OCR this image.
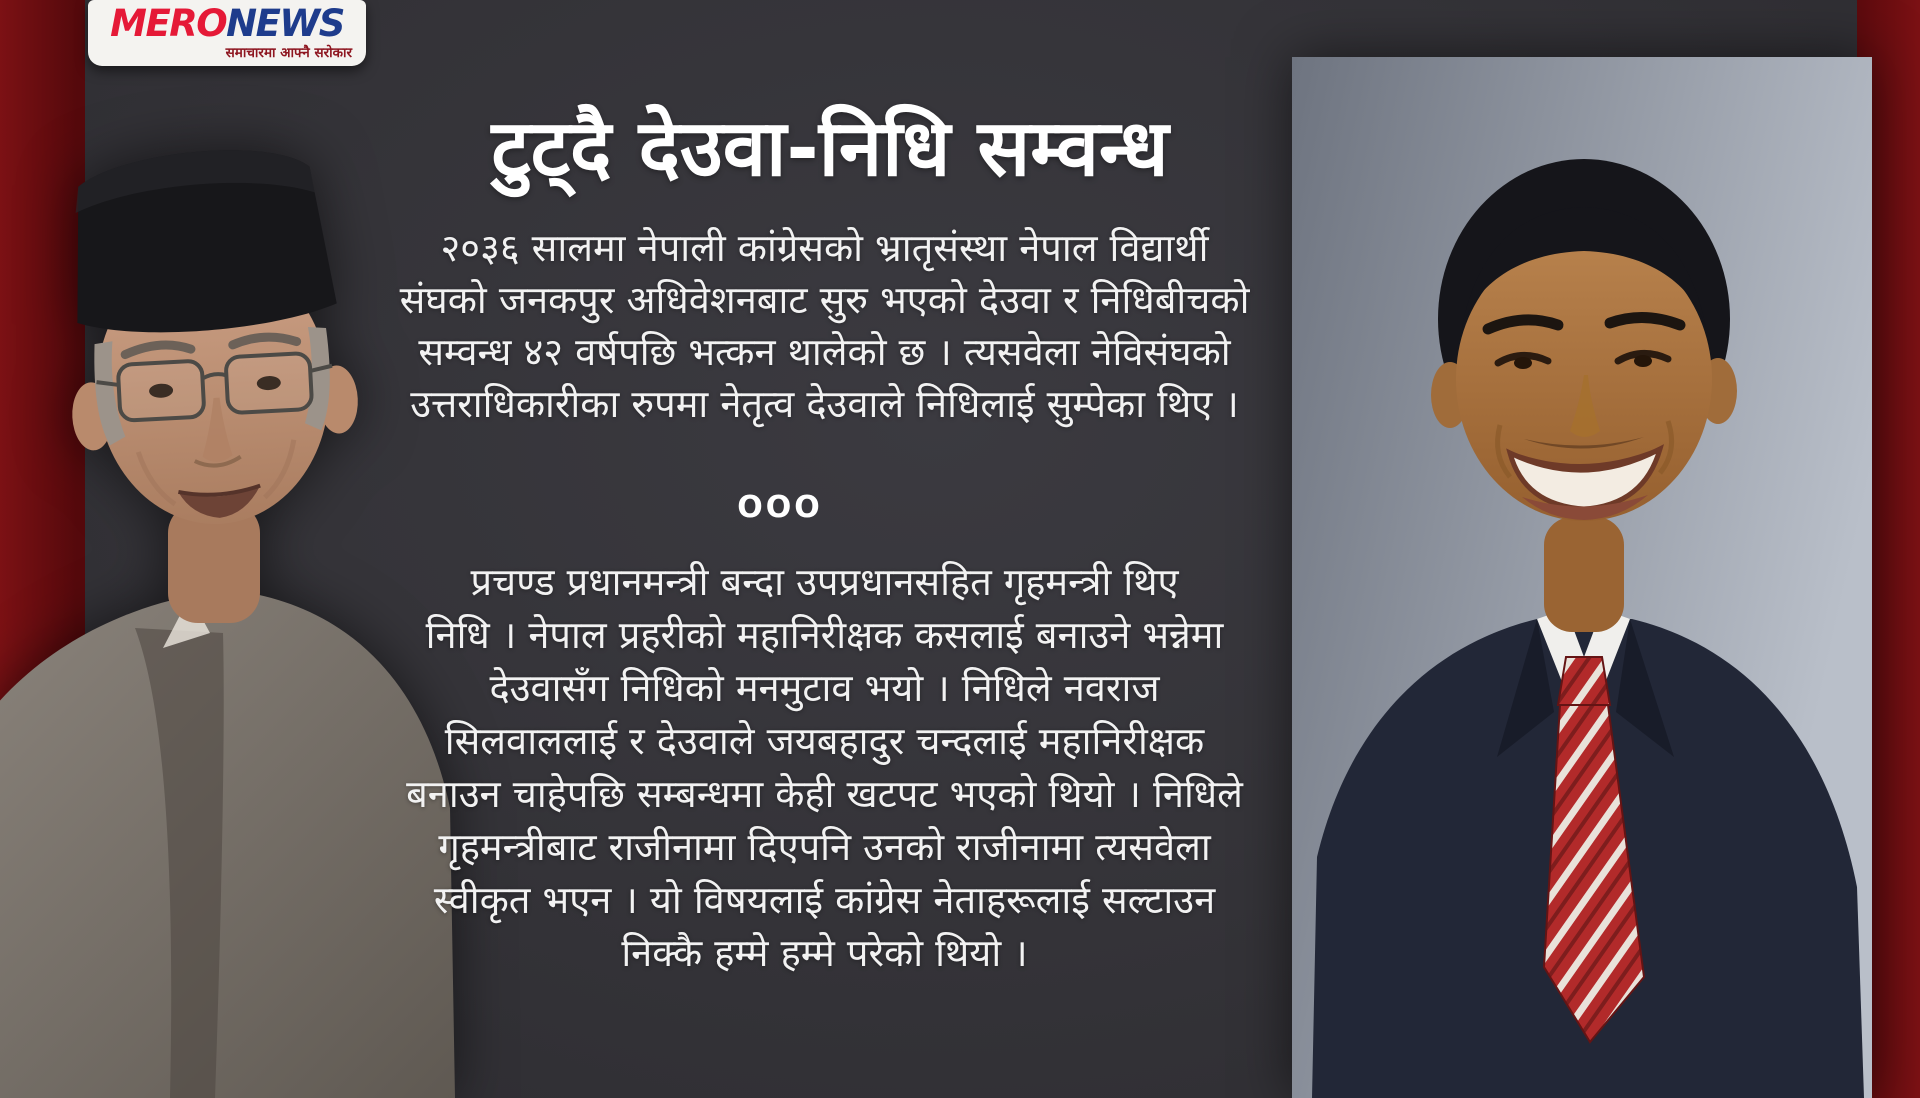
MERONEWS
समाचारमा आफ्नै सरोकार
टुट्दै देउवा-निधि सम्वन्ध
२०३६ सालमा नेपाली कांग्रेसको भ्रातृसंस्था नेपाल विद्यार्थी
संघको जनकपुर अधिवेशनबाट सुरु भएको देउवा र निधिबीचको
सम्वन्ध ४२ वर्षपछि भत्कन थालेको छ । त्यसवेला नेविसंघको
उत्तराधिकारीका रुपमा नेतृत्व देउवाले निधिलाई सुम्पेका थिए ।
OOO
प्रचण्ड प्रधानमन्त्री बन्दा उपप्रधानसहित गृहमन्त्री थिए
निधि । नेपाल प्रहरीको महानिरीक्षक कसलाई बनाउने भन्नेमा
देउवासँग निधिको मनमुटाव भयो । निधिले नवराज
सिलवाललाई र देउवाले जयबहादुर चन्दलाई महानिरीक्षक
बनाउन चाहेपछि सम्बन्धमा केही खटपट भएको थियो । निधिले
गृहमन्त्रीबाट राजीनामा दिएपनि उनको राजीनामा त्यसवेला
स्वीकृत भएन । यो विषयलाई कांग्रेस नेताहरूलाई सल्टाउन
निक्कै हम्मे हम्मे परेको थियो ।
